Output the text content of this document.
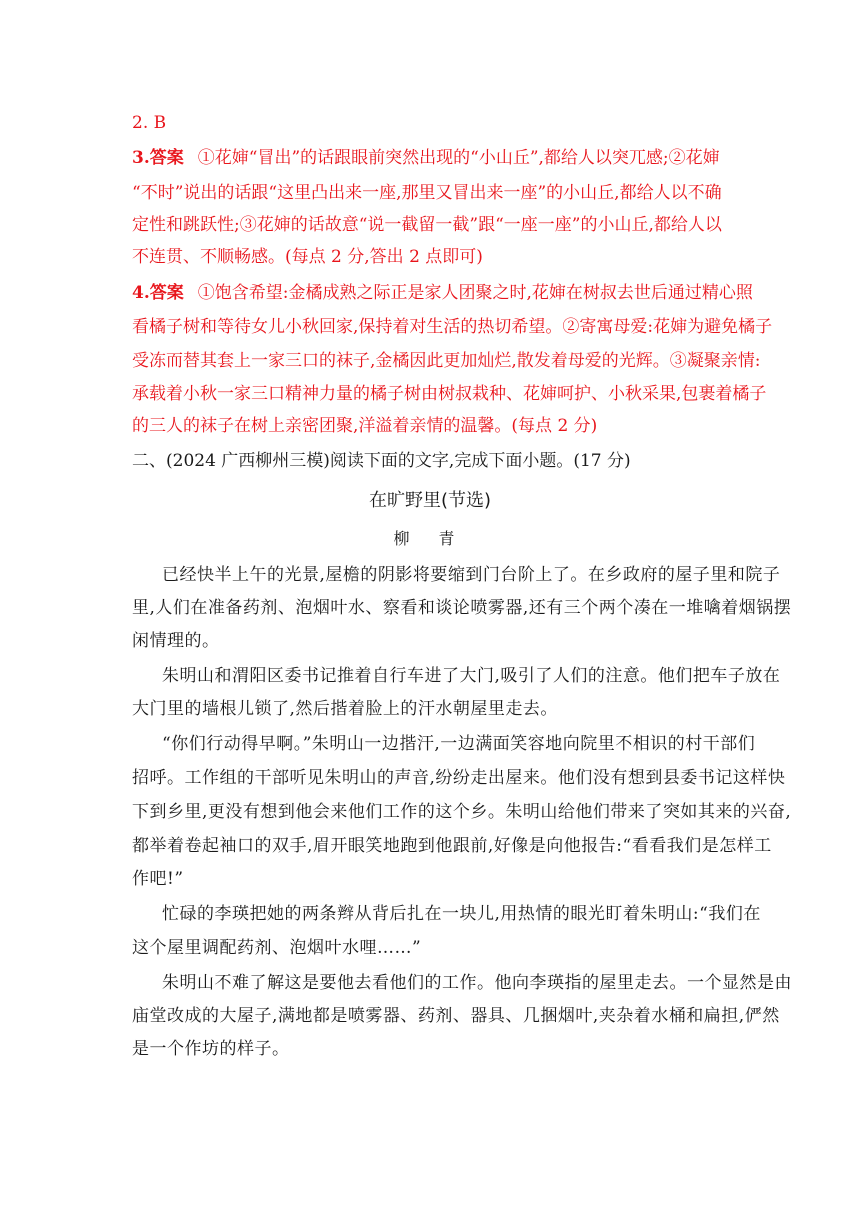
2. B
3.答案 ①花婶“冒出”的话跟眼前突然出现的“小山丘”,都给人以突兀感;②花婶
“不时”说出的话跟“这里凸出来一座,那里又冒出来一座”的小山丘,都给人以不确
定性和跳跃性;③花婶的话故意“说一截留一截”跟“一座一座”的小山丘,都给人以
不连贯、不顺畅感。(每点 2 分,答出 2 点即可)
4.答案 ①饱含希望:金橘成熟之际正是家人团聚之时,花婶在树叔去世后通过精心照
看橘子树和等待女儿小秋回家,保持着对生活的热切希望。②寄寓母爱:花婶为避免橘子
受冻而替其套上一家三口的袜子,金橘因此更加灿烂,散发着母爱的光辉。③凝聚亲情:
承载着小秋一家三口精神力量的橘子树由树叔栽种、花婶呵护、小秋采果,包裹着橘子
的三人的袜子在树上亲密团聚,洋溢着亲情的温馨。(每点 2 分)
二、(2024 广西柳州三模)阅读下面的文字,完成下面小题。(17 分)
在旷野里(节选)
柳 青
已经快半上午的光景,屋檐的阴影将要缩到门台阶上了。在乡政府的屋子里和院子
里,人们在准备药剂、泡烟叶水、察看和谈论喷雾器,还有三个两个凑在一堆噙着烟锅摆
闲情理的。
朱明山和渭阳区委书记推着自行车进了大门,吸引了人们的注意。他们把车子放在
大门里的墙根儿锁了,然后揩着脸上的汗水朝屋里走去。
“你们行动得早啊。”朱明山一边揩汗,一边满面笑容地向院里不相识的村干部们
招呼。工作组的干部听见朱明山的声音,纷纷走出屋来。他们没有想到县委书记这样快
下到乡里,更没有想到他会来他们工作的这个乡。朱明山给他们带来了突如其来的兴奋,
都举着卷起袖口的双手,眉开眼笑地跑到他跟前,好像是向他报告:“看看我们是怎样工
作吧!”
忙碌的李瑛把她的两条辫从背后扎在一块儿,用热情的眼光盯着朱明山:“我们在
这个屋里调配药剂、泡烟叶水哩……”
朱明山不难了解这是要他去看他们的工作。他向李瑛指的屋里走去。一个显然是由
庙堂改成的大屋子,满地都是喷雾器、药剂、器具、几捆烟叶,夹杂着水桶和扁担,俨然
是一个作坊的样子。
